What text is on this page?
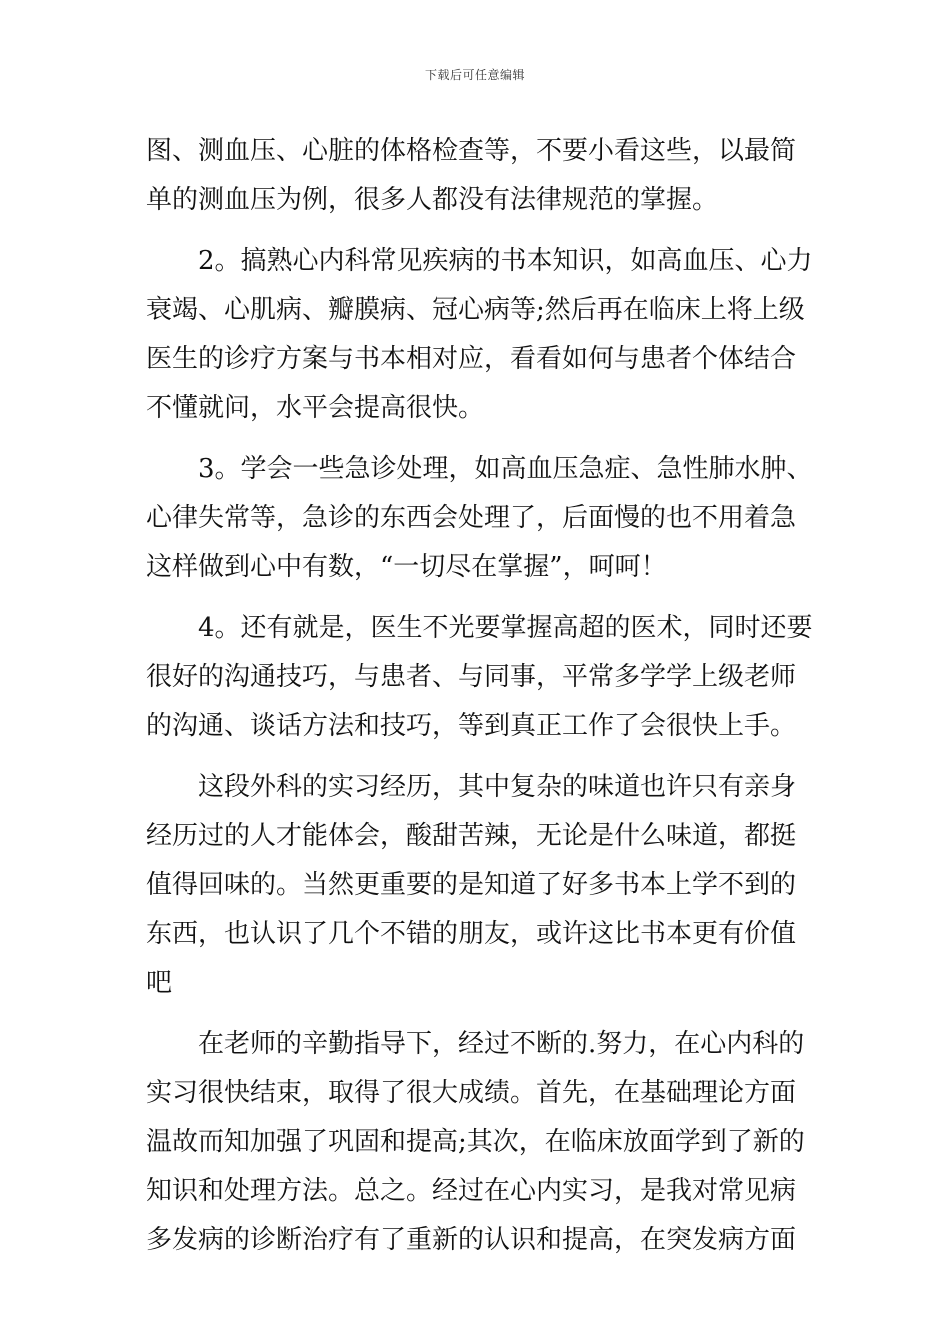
下载后可任意编辑
图、测血压、心脏的体格检查等，不要小看这些，以最简
单的测血压为例，很多人都没有法律规范的掌握。
2。搞熟心内科常见疾病的书本知识，如高血压、心力
衰竭、心肌病、瓣膜病、冠心病等;然后再在临床上将上级
医生的诊疗方案与书本相对应，看看如何与患者个体结合
不懂就问，水平会提高很快。
3。学会一些急诊处理，如高血压急症、急性肺水肿、
心律失常等，急诊的东西会处理了，后面慢的也不用着急
这样做到心中有数，“一切尽在掌握”，呵呵！
4。还有就是，医生不光要掌握高超的医术，同时还要
很好的沟通技巧，与患者、与同事，平常多学学上级老师
的沟通、谈话方法和技巧，等到真正工作了会很快上手。
这段外科的实习经历，其中复杂的味道也许只有亲身
经历过的人才能体会，酸甜苦辣，无论是什么味道，都挺
值得回味的。当然更重要的是知道了好多书本上学不到的
东西，也认识了几个不错的朋友，或许这比书本更有价值
吧
在老师的辛勤指导下，经过不断的.努力，在心内科的
实习很快结束，取得了很大成绩。首先，在基础理论方面
温故而知加强了巩固和提高;其次，在临床放面学到了新的
知识和处理方法。总之。经过在心内实习，是我对常见病
多发病的诊断治疗有了重新的认识和提高，在突发病方面
